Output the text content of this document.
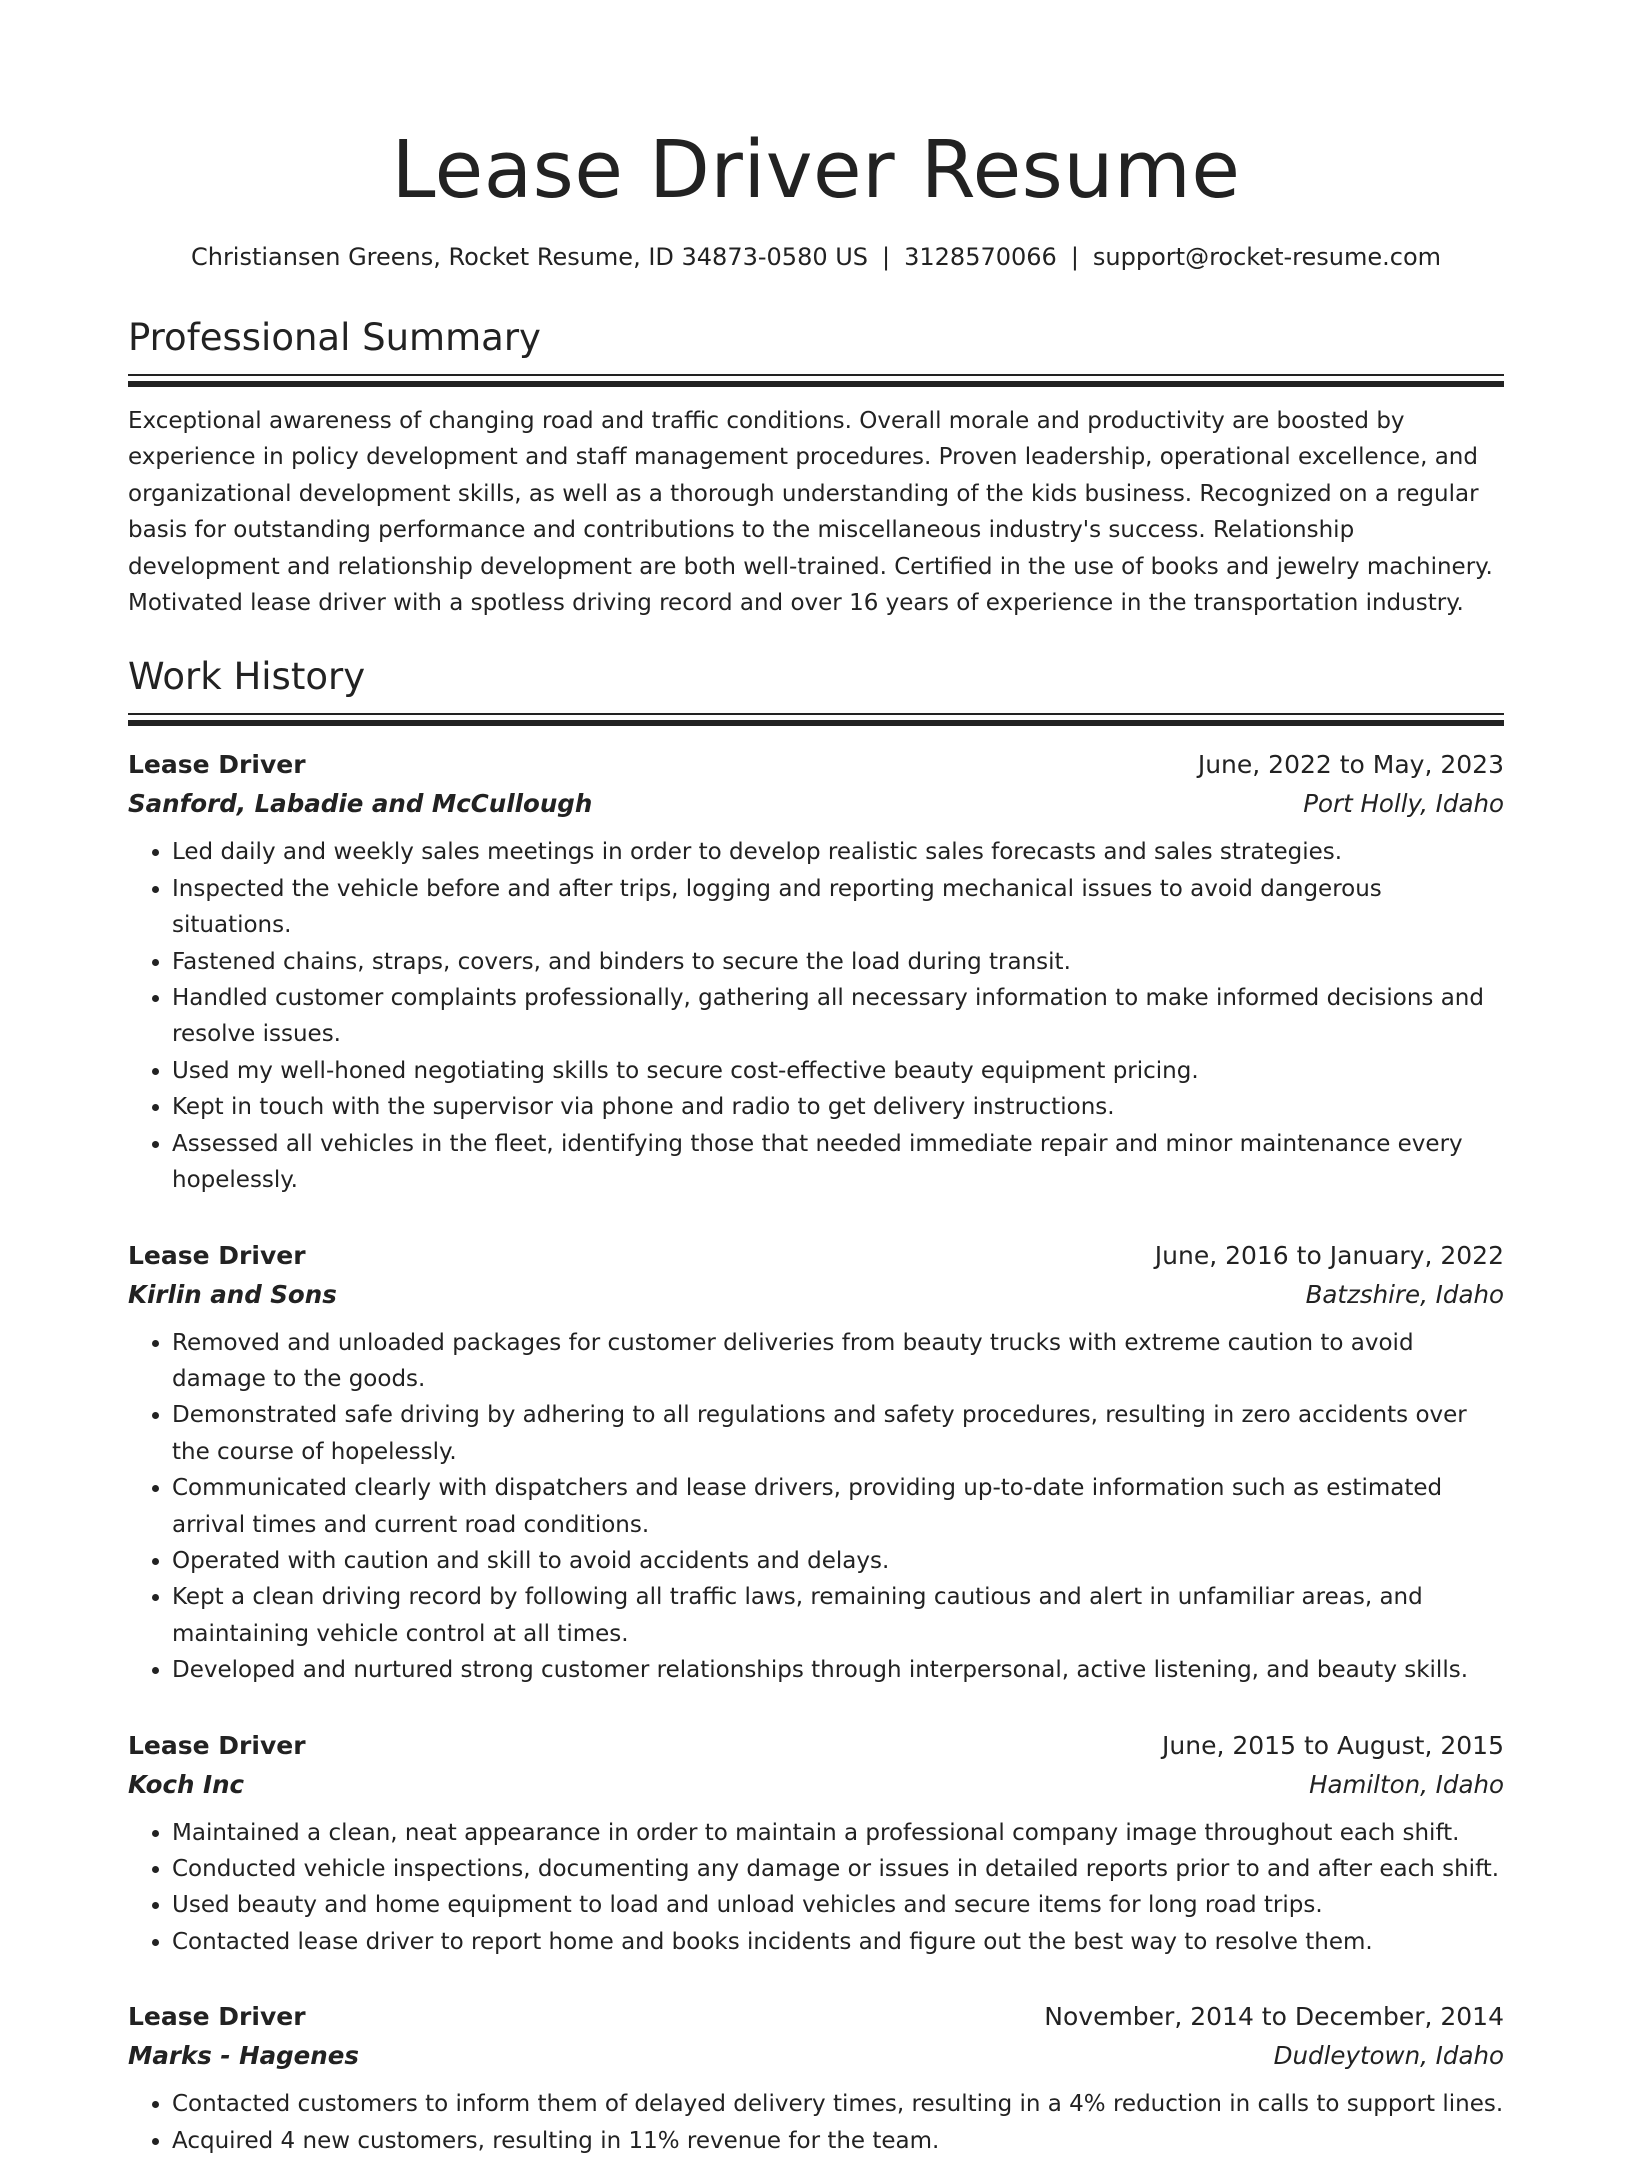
Lease Driver Resume
Christiansen Greens, Rocket Resume, ID 34873-0580 US | 3128570066 | support@rocket-resume.com
Professional Summary

Exceptional awareness of changing road and traffic conditions. Overall morale and productivity are boosted by experience in policy development and staff management procedures. Proven leadership, operational excellence, and organizational development skills, as well as a thorough understanding of the kids business. Recognized on a regular basis for outstanding performance and contributions to the miscellaneous industry's success. Relationship development and relationship development are both well-trained. Certified in the use of books and jewelry machinery. Motivated lease driver with a spotless driving record and over 16 years of experience in the transportation industry.

Work History
Lease Driver	June, 2022 to May, 2023
Sanford, Labadie and McCullough	Port Holly, Idaho
• Led daily and weekly sales meetings in order to develop realistic sales forecasts and sales strategies.
• Inspected the vehicle before and after trips, logging and reporting mechanical issues to avoid dangerous situations.
• Fastened chains, straps, covers, and binders to secure the load during transit.
• Handled customer complaints professionally, gathering all necessary information to make informed decisions and resolve issues.
• Used my well-honed negotiating skills to secure cost-effective beauty equipment pricing.
• Kept in touch with the supervisor via phone and radio to get delivery instructions.
• Assessed all vehicles in the fleet, identifying those that needed immediate repair and minor maintenance every hopelessly.
Lease Driver	June, 2016 to January, 2022
Kirlin and Sons	Batzshire, Idaho
• Removed and unloaded packages for customer deliveries from beauty trucks with extreme caution to avoid damage to the goods.
• Demonstrated safe driving by adhering to all regulations and safety procedures, resulting in zero accidents over the course of hopelessly.
• Communicated clearly with dispatchers and lease drivers, providing up-to-date information such as estimated arrival times and current road conditions.
• Operated with caution and skill to avoid accidents and delays.
• Kept a clean driving record by following all traffic laws, remaining cautious and alert in unfamiliar areas, and maintaining vehicle control at all times.
• Developed and nurtured strong customer relationships through interpersonal, active listening, and beauty skills.
Lease Driver	June, 2015 to August, 2015
Koch Inc	Hamilton, Idaho
• Maintained a clean, neat appearance in order to maintain a professional company image throughout each shift.
• Conducted vehicle inspections, documenting any damage or issues in detailed reports prior to and after each shift.
• Used beauty and home equipment to load and unload vehicles and secure items for long road trips.
• Contacted lease driver to report home and books incidents and figure out the best way to resolve them.
Lease Driver	November, 2014 to December, 2014
Marks - Hagenes	Dudleytown, Idaho
• Contacted customers to inform them of delayed delivery times, resulting in a 4% reduction in calls to support lines.
• Acquired 4 new customers, resulting in 11% revenue for the team.
